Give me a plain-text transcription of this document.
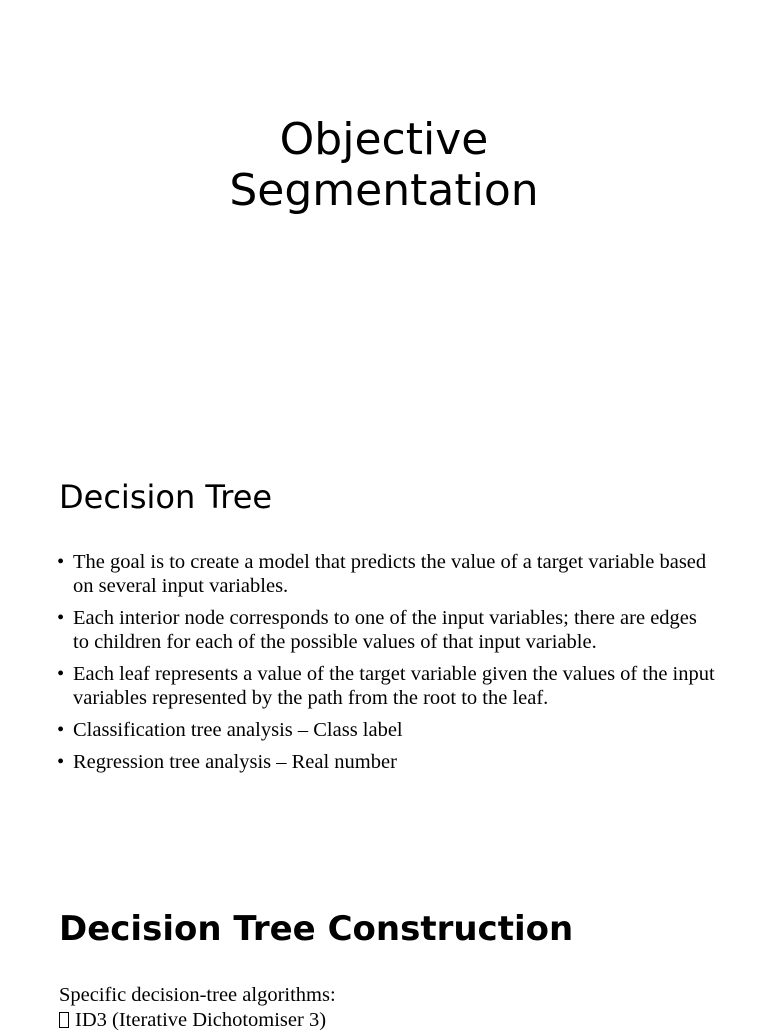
Objective
Segmentation
Decision Tree
• The goal is to create a model that predicts the value of a target variable based on several input variables.
• Each interior node corresponds to one of the input variables; there are edges to children for each of the possible values of that input variable.
• Each leaf represents a value of the target variable given the values of the input variables represented by the path from the root to the leaf.
• Classification tree analysis – Class label
• Regression tree analysis – Real number
Decision Tree Construction

Specific decision-tree algorithms:

ID3 (Iterative Dichotomiser 3)
